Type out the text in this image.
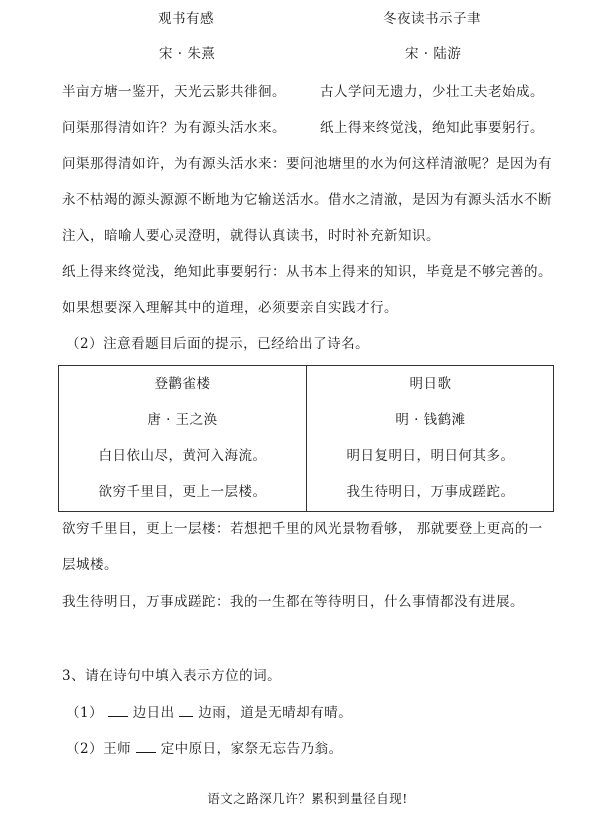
观书有感	冬夜读书示子聿
宋 · 朱熹	宋 · 陆游
半亩方塘一鉴开，天光云影共徘徊。	古人学问无遗力，少壮工夫老始成。
问渠那得清如许？为有源头活水来。	纸上得来终觉浅，绝知此事要躬行。
问渠那得清如许，为有源头活水来：要问池塘里的水为何这样清澈呢？是因为有
永不枯竭的源头源源不断地为它输送活水。借水之清澈，是因为有源头活水不断
注入，暗喻人要心灵澄明，就得认真读书，时时补充新知识。
纸上得来终觉浅，绝知此事要躬行：从书本上得来的知识，毕竟是不够完善的。
如果想要深入理解其中的道理，必须要亲自实践才行。
（2）注意看题目后面的提示，已经给出了诗名。
登鹳雀楼	明日歌
唐 · 王之涣	明 · 钱鹤滩
白日依山尽，黄河入海流。	明日复明日，明日何其多。
欲穷千里目，更上一层楼。	我生待明日，万事成蹉跎。
欲穷千里目，更上一层楼：若想把千里的风光景物看够， 那就要登上更高的一
层城楼。
我生待明日，万事成蹉跎：我的一生都在等待明日，什么事情都没有进展。
3、请在诗句中填入表示方位的词。
（1） 边日出 边雨，道是无晴却有晴。
（2）王师 定中原日，家祭无忘告乃翁。
语文之路深几许？累积到量径自现!
